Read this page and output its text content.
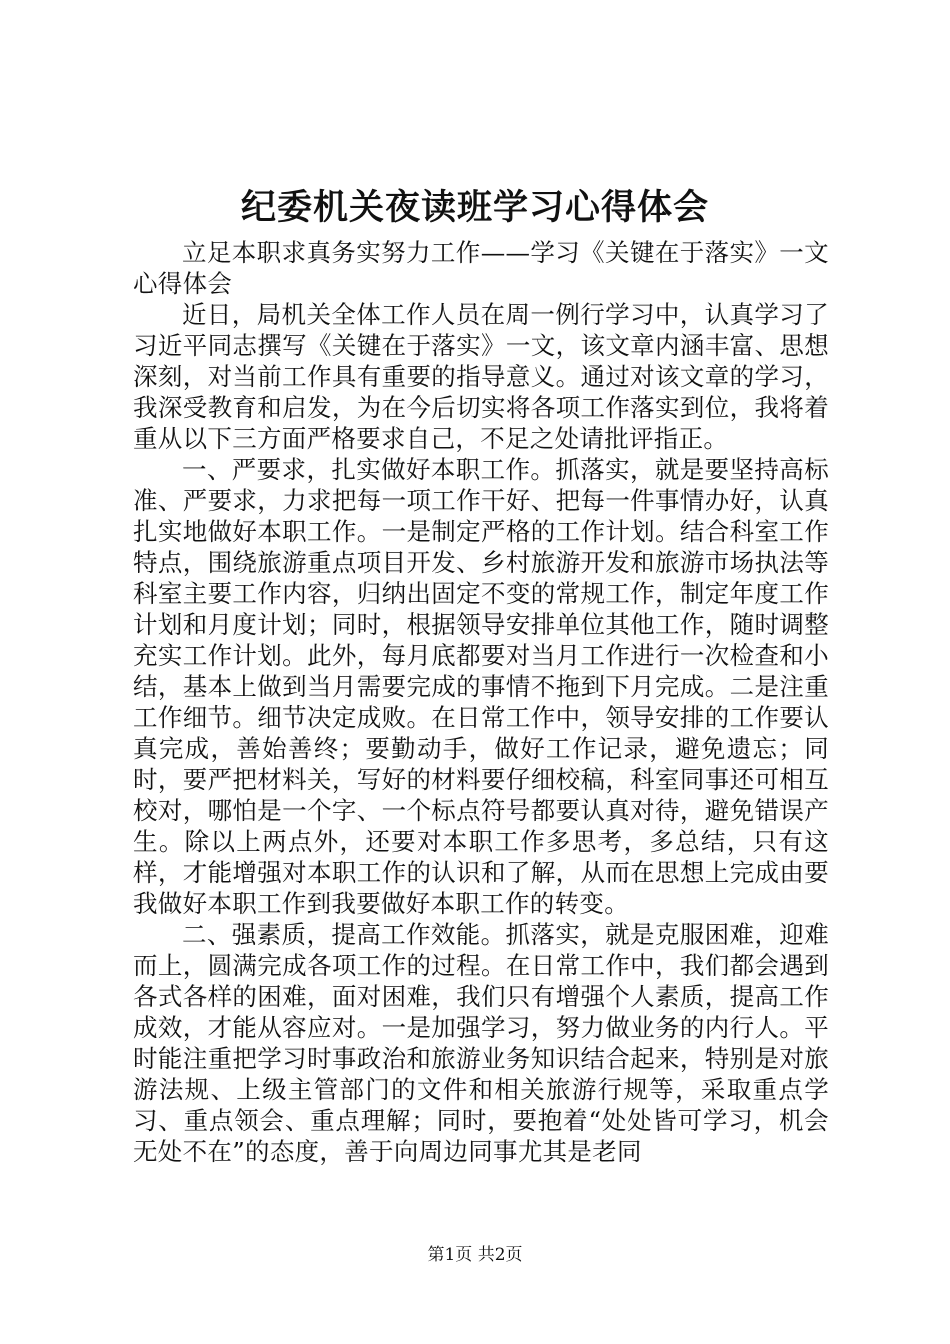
纪委机关夜读班学习心得体会

立足本职求真务实努力工作——学习《关键在于落实》一文心得体会

近日，局机关全体工作人员在周一例行学习中，认真学习了习近平同志撰写《关键在于落实》一文，该文章内涵丰富、思想深刻，对当前工作具有重要的指导意义。通过对该文章的学习，我深受教育和启发，为在今后切实将各项工作落实到位，我将着重从以下三方面严格要求自己，不足之处请批评指正。

一、严要求，扎实做好本职工作。抓落实，就是要坚持高标准、严要求，力求把每一项工作干好、把每一件事情办好，认真扎实地做好本职工作。一是制定严格的工作计划。结合科室工作特点，围绕旅游重点项目开发、乡村旅游开发和旅游市场执法等科室主要工作内容，归纳出固定不变的常规工作，制定年度工作计划和月度计划；同时，根据领导安排单位其他工作，随时调整充实工作计划。此外，每月底都要对当月工作进行一次检查和小结，基本上做到当月需要完成的事情不拖到下月完成。二是注重工作细节。细节决定成败。在日常工作中，领导安排的工作要认真完成，善始善终；要勤动手，做好工作记录，避免遗忘；同时，要严把材料关，写好的材料要仔细校稿，科室同事还可相互校对，哪怕是一个字、一个标点符号都要认真对待，避免错误产生。除以上两点外，还要对本职工作多思考，多总结，只有这样，才能增强对本职工作的认识和了解，从而在思想上完成由要我做好本职工作到我要做好本职工作的转变。

二、强素质，提高工作效能。抓落实，就是克服困难，迎难而上，圆满完成各项工作的过程。在日常工作中，我们都会遇到各式各样的困难，面对困难，我们只有增强个人素质，提高工作成效，才能从容应对。一是加强学习，努力做业务的内行人。平时能注重把学习时事政治和旅游业务知识结合起来，特别是对旅游法规、上级主管部门的文件和相关旅游行规等，采取重点学习、重点领会、重点理解；同时，要抱着“处处皆可学习，机会无处不在”的态度，善于向周边同事尤其是老同

第1页 共2页
